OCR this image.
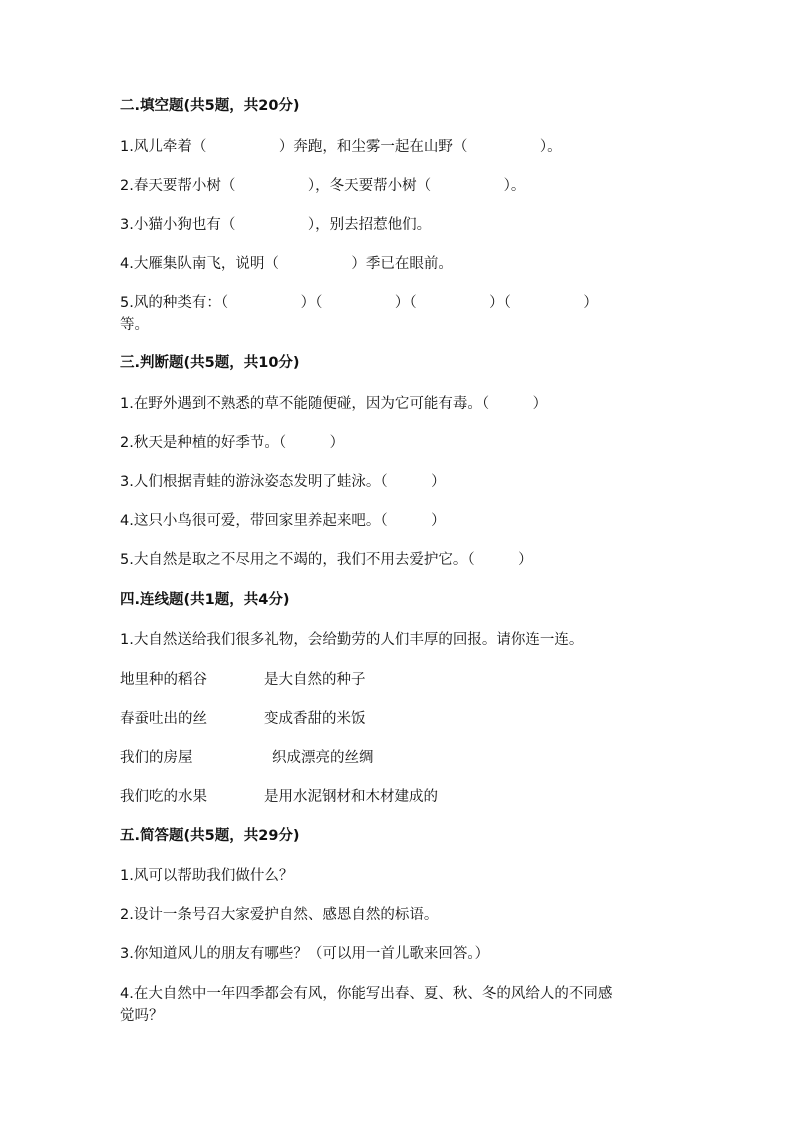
二.填空题(共5题，共20分)
1.风儿牵着（　　　　　）奔跑，和尘雾一起在山野（　　　　　）。
2.春天要帮小树（　　　　　），冬天要帮小树（　　　　　）。
3.小猫小狗也有（　　　　　），别去招惹他们。
4.大雁集队南飞，说明（　　　　　）季已在眼前。
5.风的种类有：（　　　　　）（　　　　　）（　　　　　）（　　　　　）
等。
三.判断题(共5题，共10分)
1.在野外遇到不熟悉的草不能随便碰，因为它可能有毒。（　　　）
2.秋天是种植的好季节。（　　　）
3.人们根据青蛙的游泳姿态发明了蛙泳。（　　　）
4.这只小鸟很可爱，带回家里养起来吧。（　　　）
5.大自然是取之不尽用之不竭的，我们不用去爱护它。（　　　）
四.连线题(共1题，共4分)
1.大自然送给我们很多礼物，会给勤劳的人们丰厚的回报。请你连一连。
地里种的稻谷	是大自然的种子
春蚕吐出的丝	变成香甜的米饭
我们的房屋	织成漂亮的丝绸
我们吃的水果	是用水泥钢材和木材建成的
五.简答题(共5题，共29分)
1.风可以帮助我们做什么？
2.设计一条号召大家爱护自然、感恩自然的标语。
3.你知道风儿的朋友有哪些？（可以用一首儿歌来回答。）
4.在大自然中一年四季都会有风，你能写出春、夏、秋、冬的风给人的不同感
觉吗？
